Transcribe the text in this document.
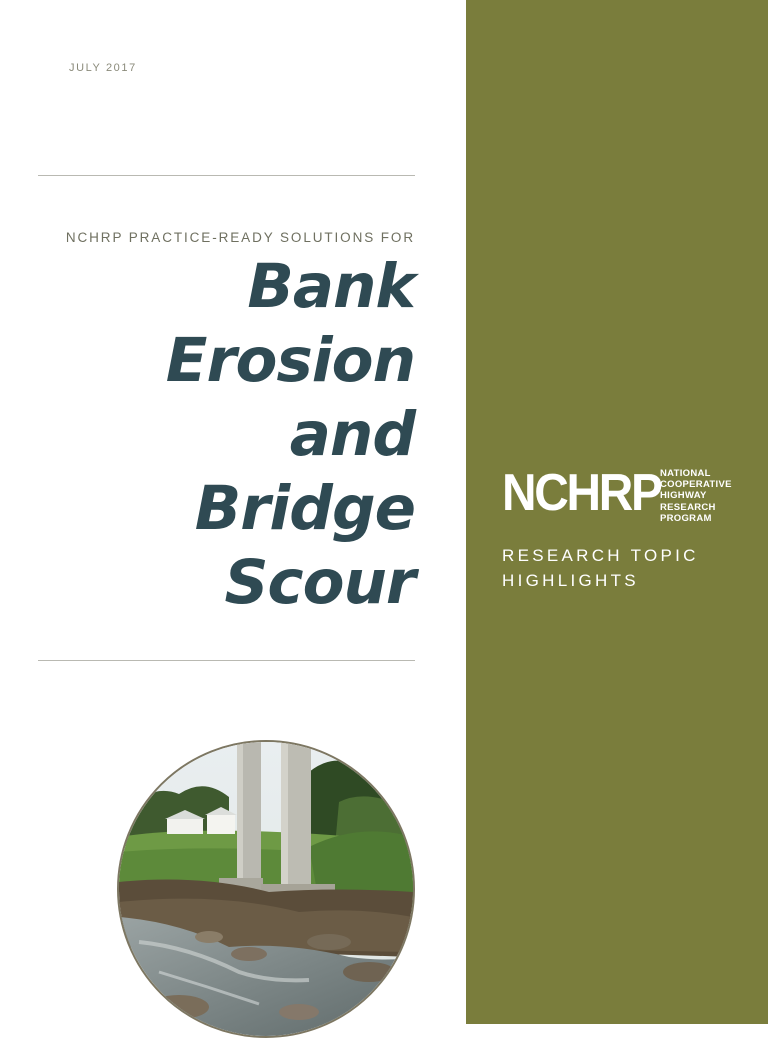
JULY 2017
NCHRP PRACTICE-READY SOLUTIONS FOR
Bank
Erosion
and
Bridge
Scour
NCHRP NATIONAL
COOPERATIVE
HIGHWAY
RESEARCH
PROGRAM
RESEARCH TOPIC
HIGHLIGHTS
